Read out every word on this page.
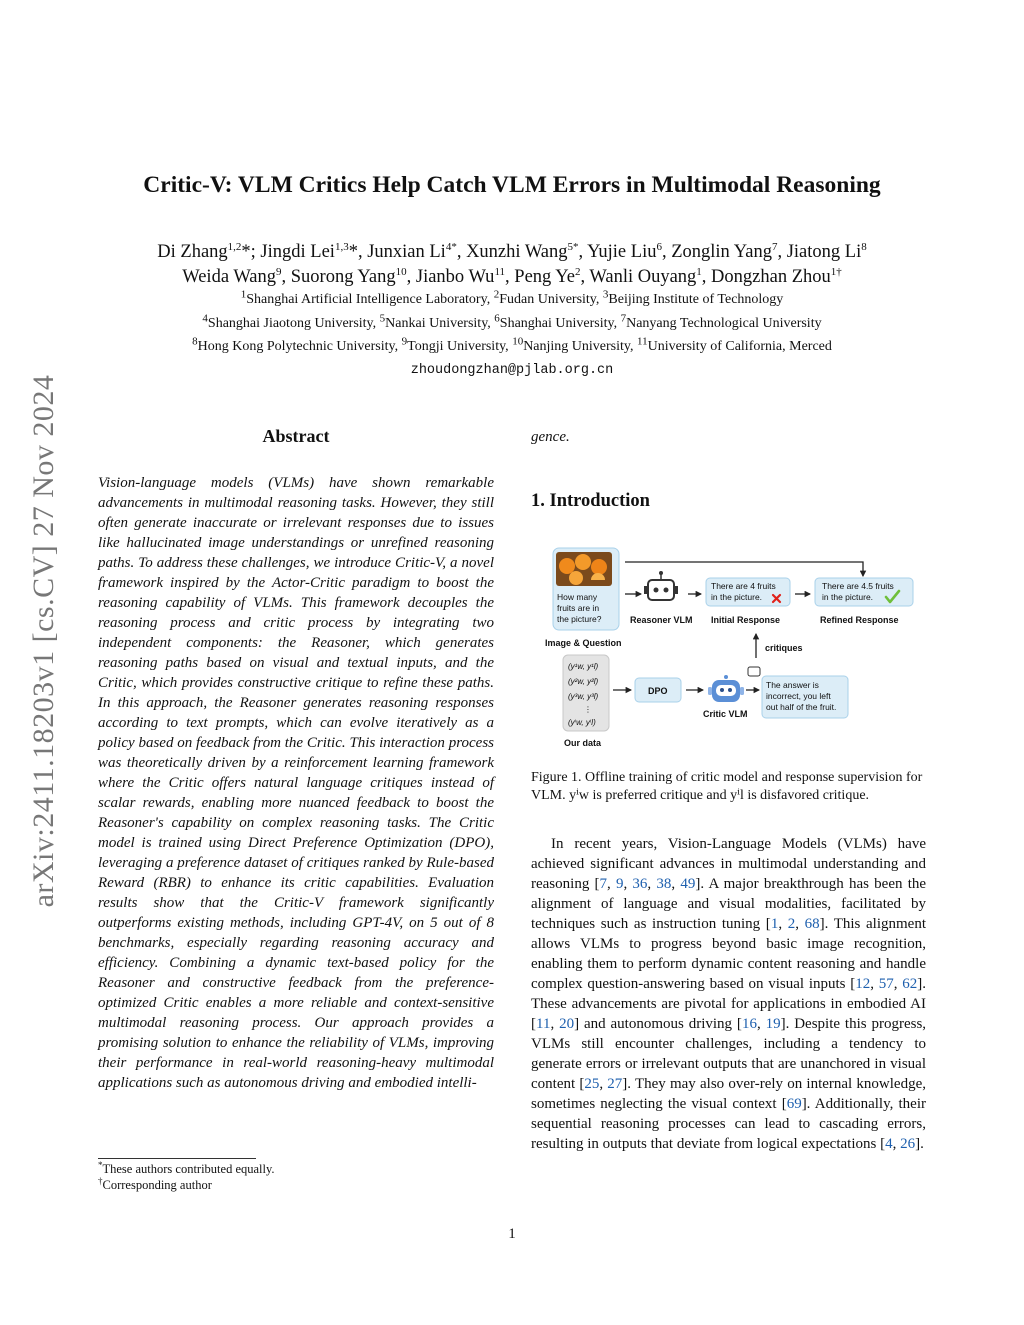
arXiv:2411.18203v1 [cs.CV] 27 Nov 2024
Critic-V: VLM Critics Help Catch VLM Errors in Multimodal Reasoning
Di Zhang$^{1,2}$*; Jingdi Lei$^{1,3}$*, Junxian $Li^{4*}$, Xunzhi Wang$^{5*}$, Yujie Liu$^6$, Zonglin Yang$^7$, Jiatong Li$^8$
Weida Wang$^9$, Suorong Yang$^{10}$, Jianbo Wu$^{11}$, Peng Ye$^2$, Wanli Ouyang$^1$, Dongzhan Zhou$^{1\dagger}$
$^1$Shanghai Artificial Intelligence Laboratory, $^2$Fudan University, $^3$Beijing Institute of Technology
$^4$Shanghai Jiaotong University, $^5$Nankai University, $^6$Shanghai University, $^7$Nanyang Technological University
$^8$Hong Kong Polytechnic University, $^9$Tongji University, $^{10}$Nanjing University, $^{11}$University of California, Merced
zhoudongzhan@pjlab.org.cn
Abstract
Vision-language models (VLMs) have shown remarkable advancements in multimodal reasoning tasks. However, they still often generate inaccurate or irrelevant responses due to issues like hallucinated image understandings or unrefined reasoning paths. To address these challenges, we introduce Critic-V, a novel framework inspired by the Actor-Critic paradigm to boost the reasoning capability of VLMs. This framework decouples the reasoning process and critic process by integrating two independent components: the Reasoner, which generates reasoning paths based on visual and textual inputs, and the Critic, which provides constructive critique to refine these paths. In this approach, the Reasoner generates reasoning responses according to text prompts, which can evolve iteratively as a policy based on feedback from the Critic. This interaction process was theoretically driven by a reinforcement learning framework where the Critic offers natural language critiques instead of scalar rewards, enabling more nuanced feedback to boost the Reasoner's capability on complex reasoning tasks. The Critic model is trained using Direct Preference Optimization (DPO), leveraging a preference dataset of critiques ranked by Rule-based Reward (RBR) to enhance its critic capabilities. Evaluation results show that the Critic-V framework significantly outperforms existing methods, including GPT-4V, on 5 out of 8 benchmarks, especially regarding reasoning accuracy and efficiency. Combining a dynamic text-based policy for the Reasoner and constructive feedback from the preference-optimized Critic enables a more reliable and context-sensitive multimodal reasoning process. Our approach provides a promising solution to enhance the reliability of VLMs, improving their performance in real-world reasoning-heavy multimodal applications such as autonomous driving and embodied intelli-
gence.
1. Introduction
How many
fruits are in
the picture?
Image & Question
Reasoner VLM
There are 4 fruits
in the picture.
Initial Response
There are 4.5 fruits
in the picture.
Refined Response
critiques
(y¹w, y¹l)
(y²w, y²l)
(y³w, y³l)
⋮
(yⁱw, yⁱl)
Our data
DPO
Critic VLM
The answer is
incorrect, you left
out half of the fruit.
Figure 1. Offline training of critic model and response supervision for VLM. yⁱw is preferred critique and yⁱl is disfavored critique.
In recent years, Vision-Language Models (VLMs) have achieved significant advances in multimodal understanding and reasoning [7, 9, 36, 38, 49]. A major breakthrough has been the alignment of language and visual modalities, facilitated by techniques such as instruction tuning [1, 2, 68]. This alignment allows VLMs to progress beyond basic image recognition, enabling them to perform dynamic content reasoning and handle complex question-answering based on visual inputs [12, 57, 62]. These advancements are pivotal for applications in embodied AI [11, 20] and autonomous driving [16, 19]. Despite this progress, VLMs still encounter challenges, including a tendency to generate errors or irrelevant outputs that are unanchored in visual content [25, 27]. They may also over-rely on internal knowledge, sometimes neglecting the visual context [69]. Additionally, their sequential reasoning processes can lead to cascading errors, resulting in outputs that deviate from logical expectations [4, 26].
*These authors contributed equally.
†Corresponding author
1
